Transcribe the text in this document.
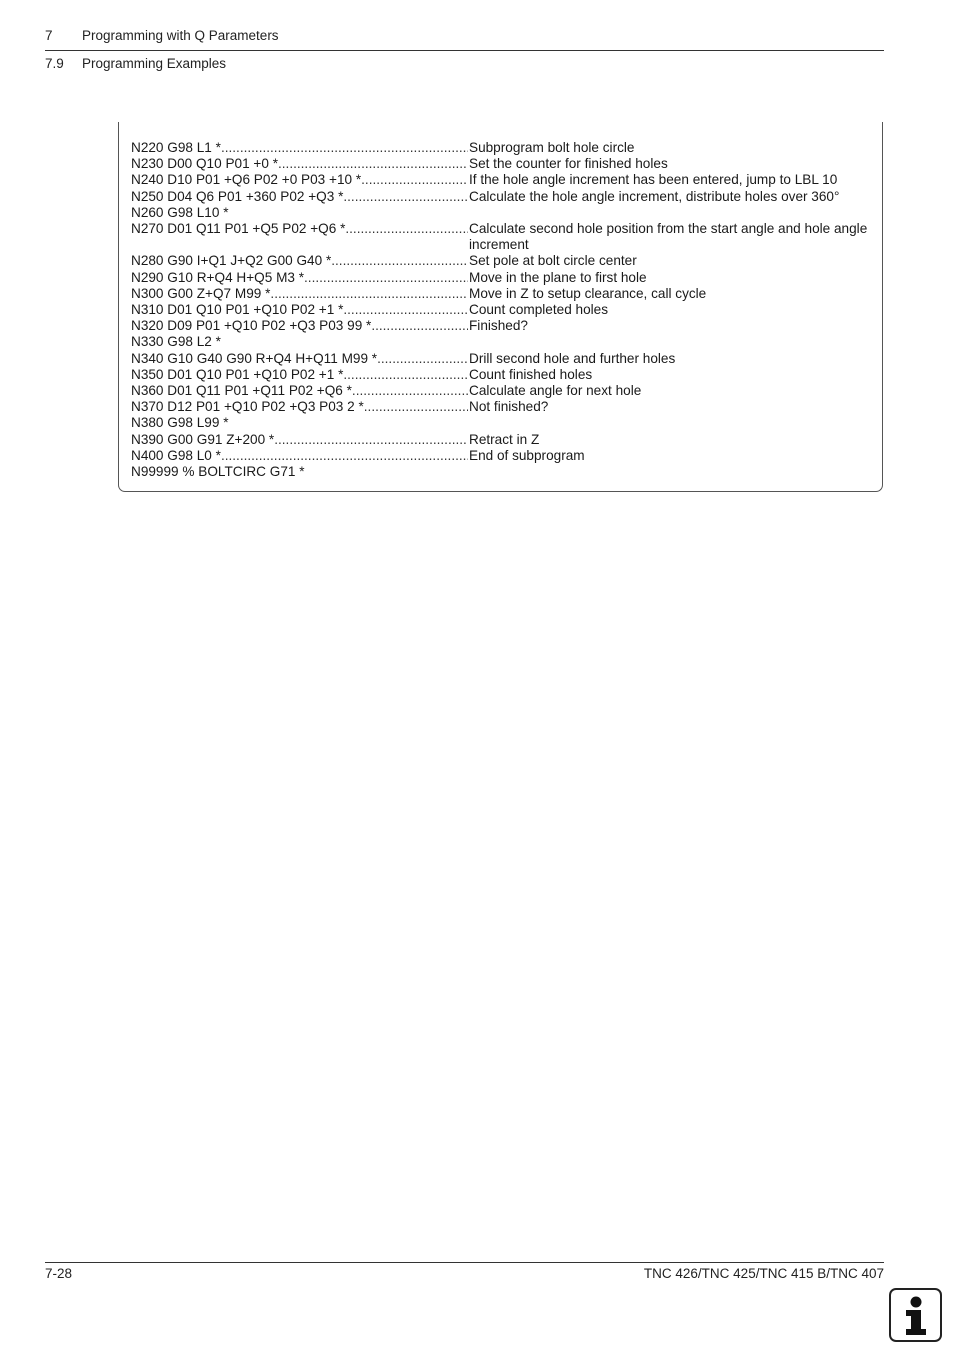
7 Programming with Q Parameters
7.9 Programming Examples
N220 G98 L1 * .....	Subprogram bolt hole circle
N230 D00 Q10 P01 +0 * .....	Set the counter for finished holes
N240 D10 P01 +Q6 P02 +0 P03 +10 * .....	If the hole angle increment has been entered, jump to LBL 10
N250 D04 Q6 P01 +360 P02 +Q3 * .....	Calculate the hole angle increment, distribute holes over 360°
N260 G98 L10 *
N270 D01 Q11 P01 +Q5 P02 +Q6 * .....	Calculate second hole position from the start angle and hole angle increment
N280 G90 I+Q1 J+Q2 G00 G40 * .....	Set pole at bolt circle center
N290 G10 R+Q4 H+Q5 M3 * .....	Move in the plane to first hole
N300 G00 Z+Q7 M99 * .....	Move in Z to setup clearance, call cycle
N310 D01 Q10 P01 +Q10 P02 +1 * .....	Count completed holes
N320 D09 P01 +Q10 P02 +Q3 P03 99 * .....	Finished?
N330 G98 L2 *
N340 G10 G40 G90 R+Q4 H+Q11 M99 * .....	Drill second hole and further holes
N350 D01 Q10 P01 +Q10 P02 +1 * .....	Count finished holes
N360 D01 Q11 P01 +Q11 P02 +Q6 * .....	Calculate angle for next hole
N370 D12 P01 +Q10 P02 +Q3 P03 2 * .....	Not finished?
N380 G98 L99 *
N390 G00 G91 Z+200 * .....	Retract in Z
N400 G98 L0 * .....	End of subprogram
N99999 % BOLTCIRC G71 *
7-28	TNC 426/TNC 425/TNC 415 B/TNC 407
